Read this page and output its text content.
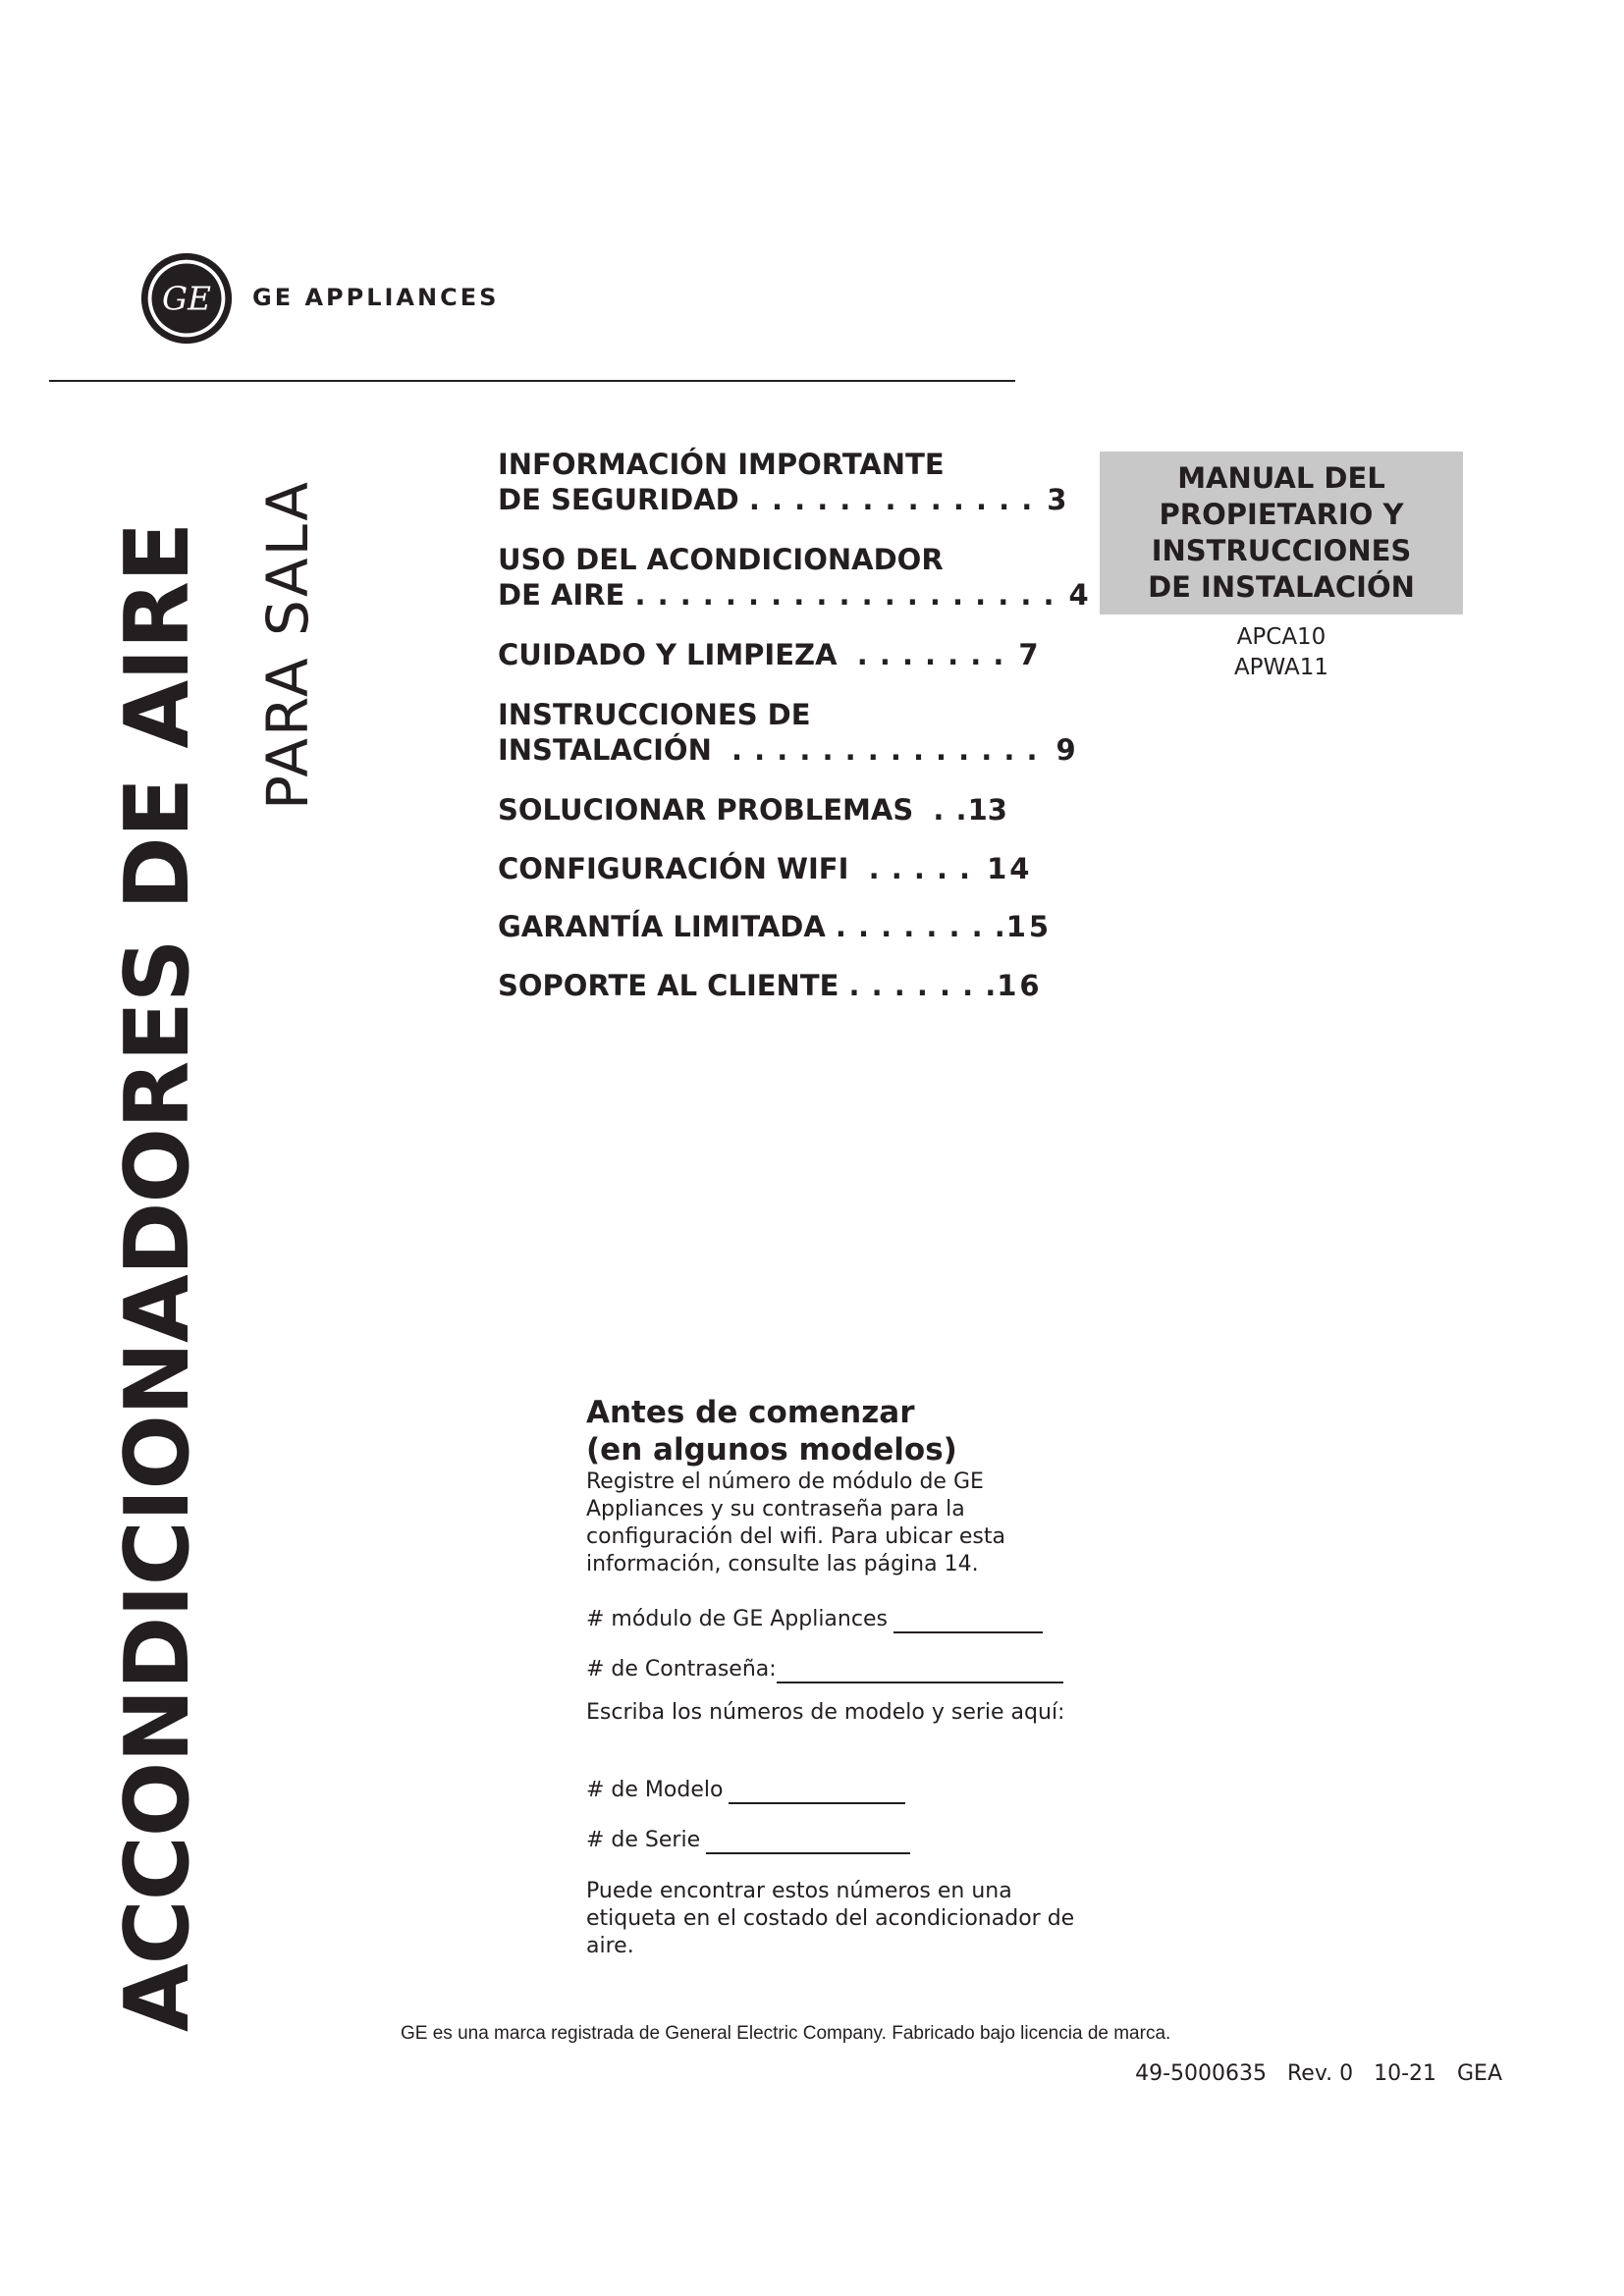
GE GE APPLIANCES
ACCONDICIONADORES DE AIRE PARA SALA
INFORMACIÓN IMPORTANTE
DE SEGURIDAD
. . . . . . . . . . . . . 3
USO DEL ACONDICIONADOR
DE AIRE
. . . . . . . . . . . . . . . . . . . 4
CUIDADO Y LIMPIEZA
. . . . . . . 7
INSTRUCCIONES DE
INSTALACIÓN
. . . . . . . . . . . . . . 9
SOLUCIONAR PROBLEMAS
. . 13
CONFIGURACIÓN WIFI
. . . . . 14
GARANTÍA LIMITADA
. . . . . . . . 15
SOPORTE AL CLIENTE
. . . . . . . 16
MANUAL DEL
PROPIETARIO Y
INSTRUCCIONES
DE INSTALACIÓN
APCA10
APWA11

Antes de comenzar

(en algunos modelos)

Registre el número de módulo de GE Appliances y su contraseña para la configuración del wifi. Para ubicar esta información, consulte las página 14.

# módulo de GE Appliances
# de Contraseña:

Escriba los números de modelo y serie aquí:

# de Modelo
# de Serie

Puede encontrar estos números en una etiqueta en el costado del acondicionador de aire.

GE es una marca registrada de General Electric Company. Fabricado bajo licencia de marca.
49-5000635   Rev. 0   10-21   GEA
